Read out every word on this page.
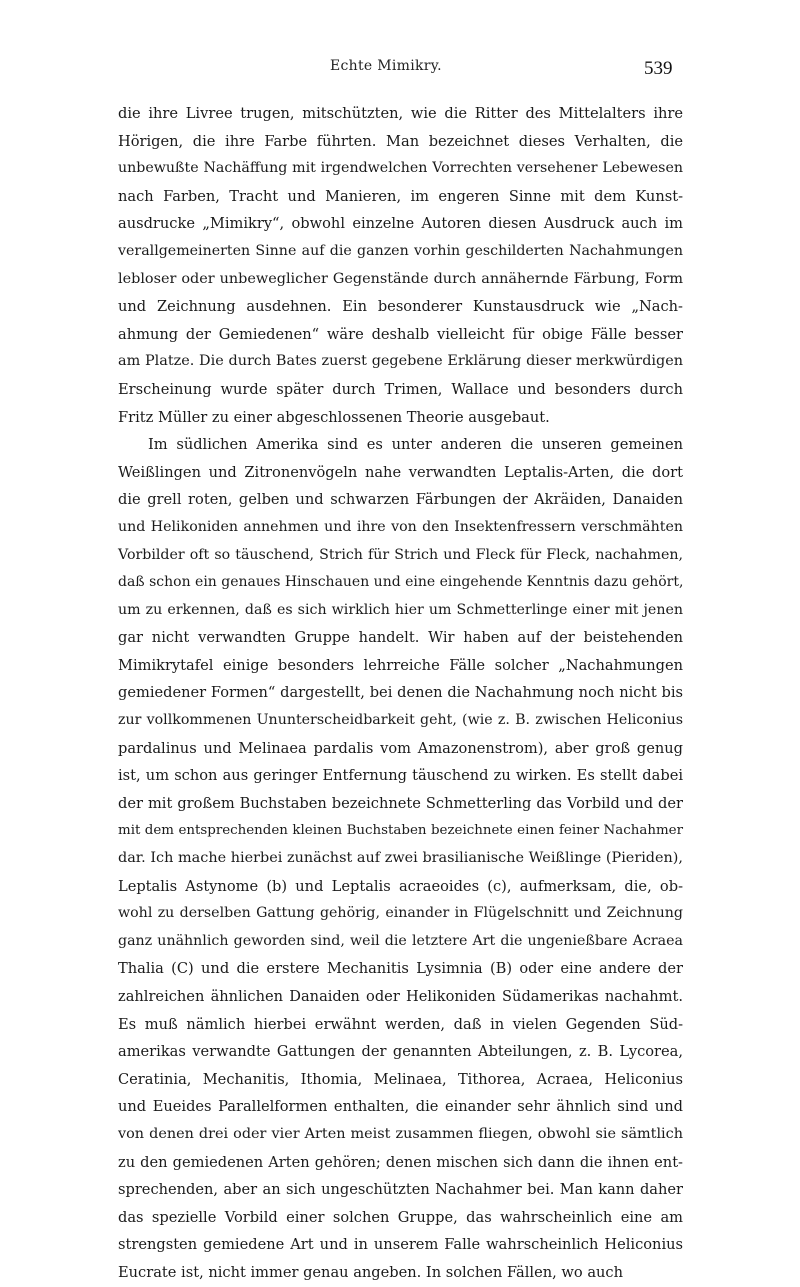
Echte Mimikry.	539
die ihre Livree trugen, mitschützten, wie die Ritter des Mittelalters ihre
Hörigen, die ihre Farbe führten. Man bezeichnet dieses Verhalten, die
unbewußte Nachäffung mit irgendwelchen Vorrechten versehener Lebewesen
nach Farben, Tracht und Manieren, im engeren Sinne mit dem Kunst-
ausdrucke „Mimikry“, obwohl einzelne Autoren diesen Ausdruck auch im
verallgemeinerten Sinne auf die ganzen vorhin geschilderten Nachahmungen
lebloser oder unbeweglicher Gegenstände durch annähernde Färbung, Form
und Zeichnung ausdehnen. Ein besonderer Kunstausdruck wie „Nach-
ahmung der Gemiedenen“ wäre deshalb vielleicht für obige Fälle besser
am Platze. Die durch Bates zuerst gegebene Erklärung dieser merkwürdigen
Erscheinung wurde später durch Trimen, Wallace und besonders durch
Fritz Müller zu einer abgeschlossenen Theorie ausgebaut.
Im südlichen Amerika sind es unter anderen die unseren gemeinen
Weißlingen und Zitronenvögeln nahe verwandten Leptalis-Arten, die dort
die grell roten, gelben und schwarzen Färbungen der Akräiden, Danaiden
und Helikoniden annehmen und ihre von den Insektenfressern verschmähten
Vorbilder oft so täuschend, Strich für Strich und Fleck für Fleck, nachahmen,
daß schon ein genaues Hinschauen und eine eingehende Kenntnis dazu gehört,
um zu erkennen, daß es sich wirklich hier um Schmetterlinge einer mit jenen
gar nicht verwandten Gruppe handelt. Wir haben auf der beistehenden
Mimikrytafel einige besonders lehrreiche Fälle solcher „Nachahmungen
gemiedener Formen“ dargestellt, bei denen die Nachahmung noch nicht bis
zur vollkommenen Ununterscheidbarkeit geht, (wie z. B. zwischen Heliconius
pardalinus und Melinaea pardalis vom Amazonenstrom), aber groß genug
ist, um schon aus geringer Entfernung täuschend zu wirken. Es stellt dabei
der mit großem Buchstaben bezeichnete Schmetterling das Vorbild und der
mit dem entsprechenden kleinen Buchstaben bezeichnete einen feiner Nachahmer
dar. Ich mache hierbei zunächst auf zwei brasilianische Weißlinge (Pieriden),
Leptalis Astynome (b) und Leptalis acraeoides (c), aufmerksam, die, ob-
wohl zu derselben Gattung gehörig, einander in Flügelschnitt und Zeichnung
ganz unähnlich geworden sind, weil die letztere Art die ungenießbare Acraea
Thalia (C) und die erstere Mechanitis Lysimnia (B) oder eine andere der
zahlreichen ähnlichen Danaiden oder Helikoniden Südamerikas nachahmt.
Es muß nämlich hierbei erwähnt werden, daß in vielen Gegenden Süd-
amerikas verwandte Gattungen der genannten Abteilungen, z. B. Lycorea,
Ceratinia, Mechanitis, Ithomia, Melinaea, Tithorea, Acraea, Heliconius
und Eueides Parallelformen enthalten, die einander sehr ähnlich sind und
von denen drei oder vier Arten meist zusammen fliegen, obwohl sie sämtlich
zu den gemiedenen Arten gehören; denen mischen sich dann die ihnen ent-
sprechenden, aber an sich ungeschützten Nachahmer bei. Man kann daher
das spezielle Vorbild einer solchen Gruppe, das wahrscheinlich eine am
strengsten gemiedene Art und in unserem Falle wahrscheinlich Heliconius
Eucrate ist, nicht immer genau angeben. In solchen Fällen, wo auch
